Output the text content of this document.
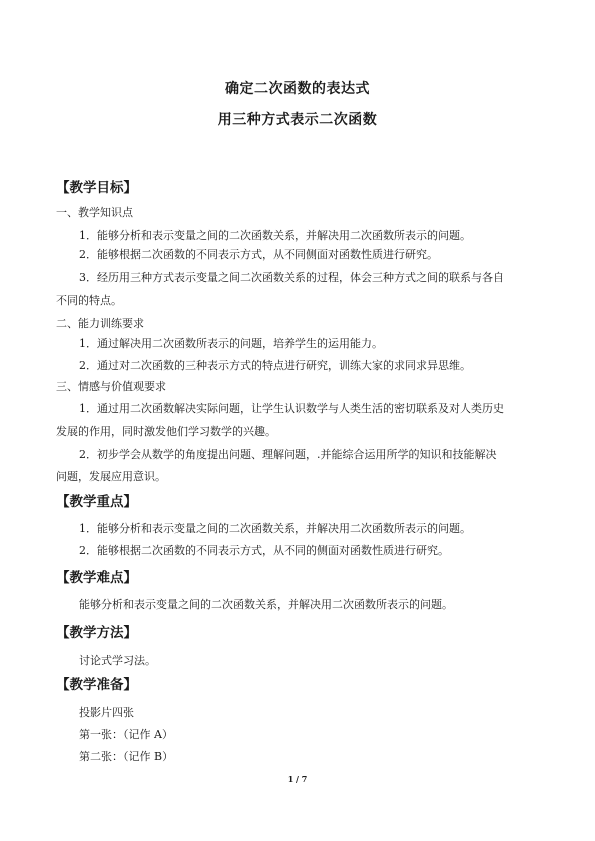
确定二次函数的表达式
用三种方式表示二次函数
【教学目标】
一、教学知识点
1．能够分析和表示变量之间的二次函数关系，并解决用二次函数所表示的问题。
2．能够根据二次函数的不同表示方式，从不同侧面对函数性质进行研究。
3．经历用三种方式表示变量之间二次函数关系的过程，体会三种方式之间的联系与各自
不同的特点。
二、能力训练要求
1．通过解决用二次函数所表示的问题，培养学生的运用能力。
2．通过对二次函数的三种表示方式的特点进行研究，训练大家的求同求异思维。
三、情感与价值观要求
1．通过用二次函数解决实际问题，让学生认识数学与人类生活的密切联系及对人类历史
发展的作用，同时激发他们学习数学的兴趣。
2．初步学会从数学的角度提出问题、理解问题，.并能综合运用所学的知识和技能解决
问题，发展应用意识。
【教学重点】
1．能够分析和表示变量之间的二次函数关系，并解决用二次函数所表示的问题。
2．能够根据二次函数的不同表示方式，从不同的侧面对函数性质进行研究。
【教学难点】
能够分析和表示变量之间的二次函数关系，并解决用二次函数所表示的问题。
【教学方法】
讨论式学习法。
【教学准备】
投影片四张
第一张：（记作 A）
第二张：（记作 B）
1 / 7
